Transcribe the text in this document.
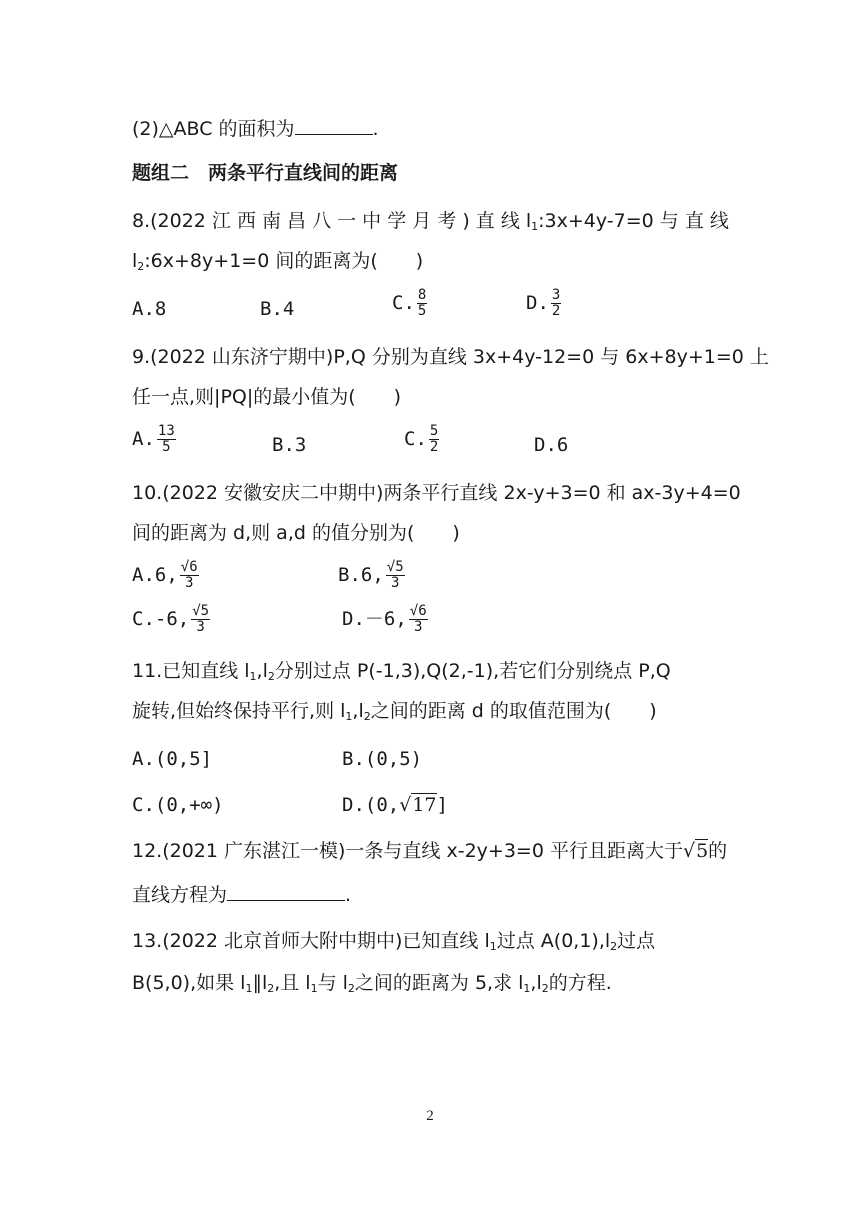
(2)△ABC 的面积为	.
题组二　两条平行直线间的距离
8.(2022 江 西 南 昌 八 一 中 学 月 考 ) 直 线 $l_1:3x+4y-7=0$ 与 直 线
$l_2:6x+8y+1=0$ 间的距离为(　　)
A.8	B.4	C. $\frac{8}{5}$	D. $\frac{3}{2}$
9.(2022 山东济宁期中)P,Q 分别为直线 3x+4y-12=0 与 6x+8y+1=0 上
任一点,则|PQ|的最小值为(　　)
A. $\frac{13}{5}$	B.3	C. $\frac{5}{2}$	D.6
10.(2022 安徽安庆二中期中)两条平行直线 2x-y+3=0 和 ax-3y+4=0
间的距离为 d,则 a,d 的值分别为(　　)
A.6, $\frac{√6}{3}$	B.6, $\frac{√5}{3}$
C.-6, $\frac{√5}{3}$	D.－6, $\frac{√6}{3}$
11.已知直线 $l_1,l_2$分别过点 P(-1,3),Q(2,-1),若它们分别绕点 P,Q
旋转,但始终保持平行,则 $l_1,l_2$之间的距离 d 的取值范围为(　　)
A.(0,5]	B.(0,5)
C.(0,+∞)	D.(0,√17]
12.(2021 广东湛江一模)一条与直线 x-2y+3=0 平行且距离大于√5的
直线方程为	.
13.(2022 北京首师大附中期中)已知直线 $l_1$过点 $A(0,1),l_2$过点
B(5,0),如果 $l_1\parallel l_2$,且 $l_1$与 $l_2$之间的距离为 5,求 $l_1,l_2$的方程.
2
